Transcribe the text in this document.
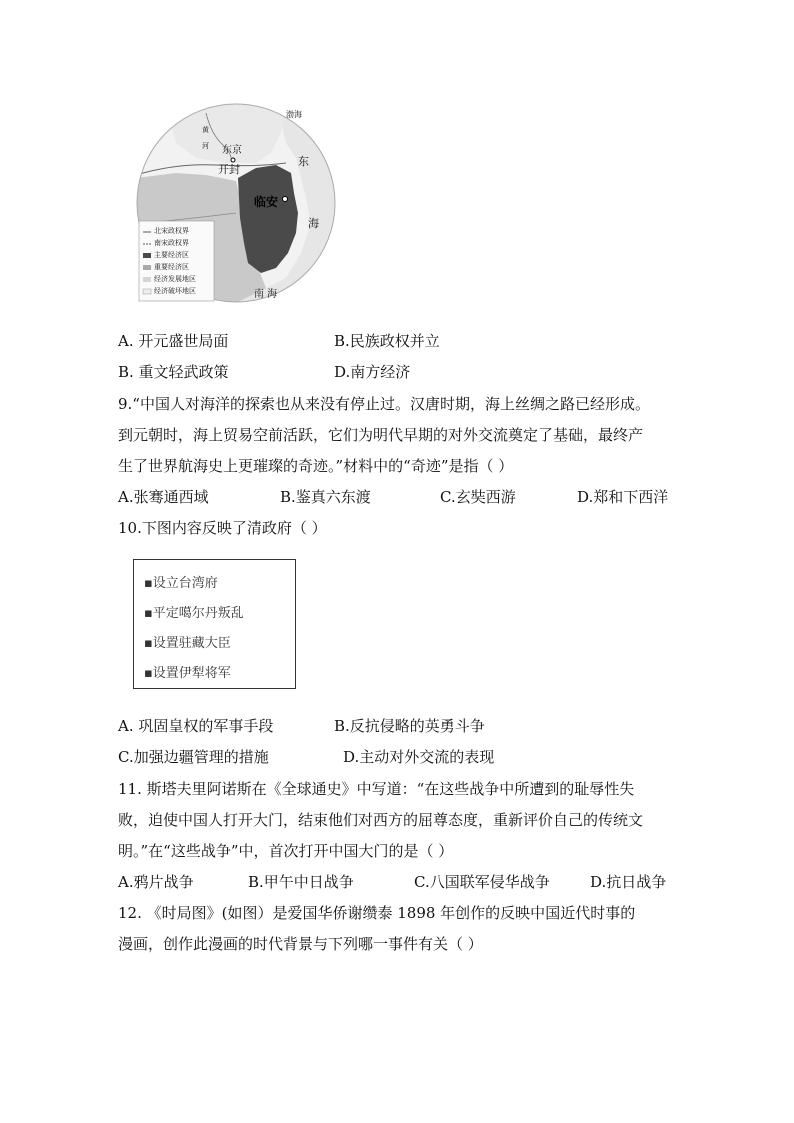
渤海
黄
河 东京
开封
东
临安
海
南 海
北宋政权界
南宋政权界
主要经济区
重要经济区
经济发展地区
经济破坏地区
A. 开元盛世局面	B.民族政权并立
B. 重文轻武政策	D.南方经济
9.“中国人对海洋的探索也从来没有停止过。汉唐时期，海上丝绸之路已经形成。
到元朝时，海上贸易空前活跃，它们为明代早期的对外交流奠定了基础，最终产
生了世界航海史上更璀璨的奇迹。”材料中的“奇迹”是指（ ）
A.张骞通西域	B.鉴真六东渡	C.玄奘西游	D.郑和下西洋
10.下图内容反映了清政府（ ）
▪设立台湾府
▪平定噶尔丹叛乱
▪设置驻藏大臣
▪设置伊犁将军
A. 巩固皇权的军事手段	B.反抗侵略的英勇斗争
C.加强边疆管理的措施	D.主动对外交流的表现
11. 斯塔夫里阿诺斯在《全球通史》中写道：“在这些战争中所遭到的耻辱性失
败，迫使中国人打开大门，结束他们对西方的屈尊态度，重新评价自己的传统文
明。”在“这些战争”中，首次打开中国大门的是（ ）
A.鸦片战争	B.甲午中日战争	C.八国联军侵华战争	D.抗日战争
12. 《时局图》(如图）是爱国华侨谢缵泰 1898 年创作的反映中国近代时事的
漫画，创作此漫画的时代背景与下列哪一事件有关（ ）
